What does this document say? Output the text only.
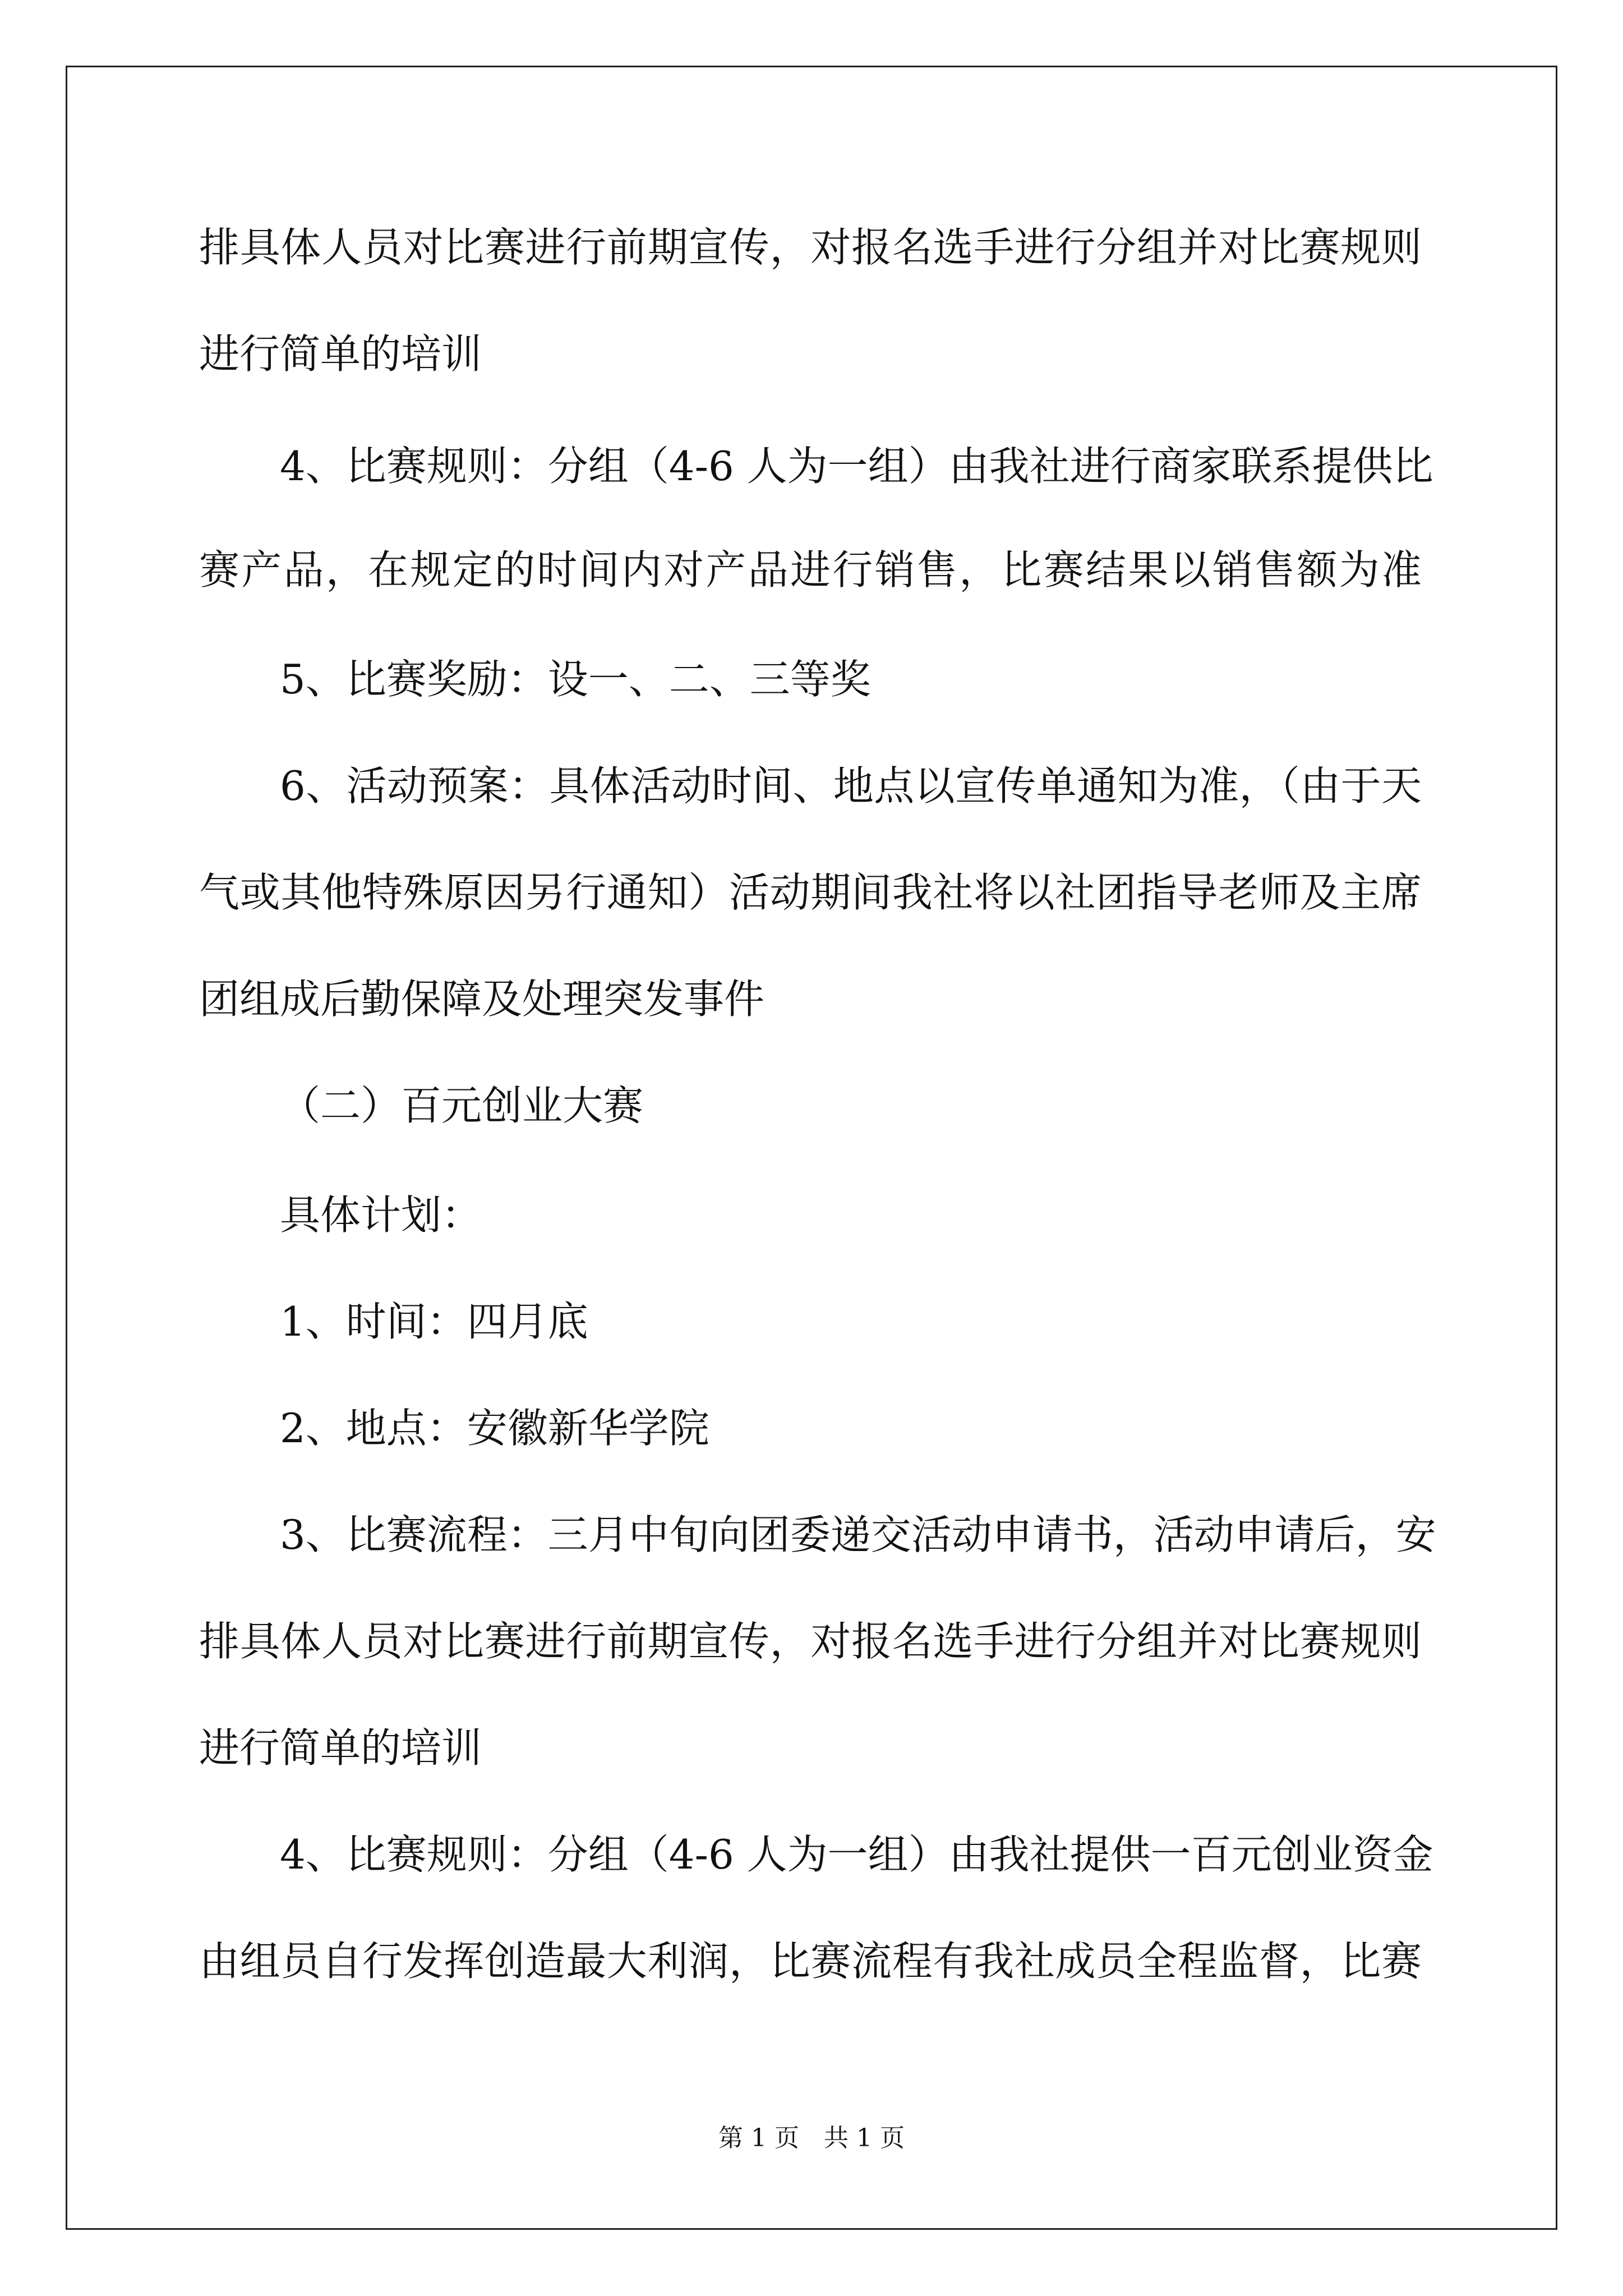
排具体人员对比赛进行前期宣传，对报名选手进行分组并对比赛规则
进行简单的培训
4、比赛规则：分组（4-6 人为一组）由我社进行商家联系提供比
赛产品，在规定的时间内对产品进行销售，比赛结果以销售额为准
5、比赛奖励：设一、二、三等奖
6、活动预案：具体活动时间、地点以宣传单通知为准，（由于天
气或其他特殊原因另行通知）活动期间我社将以社团指导老师及主席
团组成后勤保障及处理突发事件
（二）百元创业大赛
具体计划：
1、时间：四月底
2、地点：安徽新华学院
3、比赛流程：三月中旬向团委递交活动申请书，活动申请后，安
排具体人员对比赛进行前期宣传，对报名选手进行分组并对比赛规则
进行简单的培训
4、比赛规则：分组（4-6 人为一组）由我社提供一百元创业资金
由组员自行发挥创造最大利润，比赛流程有我社成员全程监督，比赛
第 1 页　共 1 页
